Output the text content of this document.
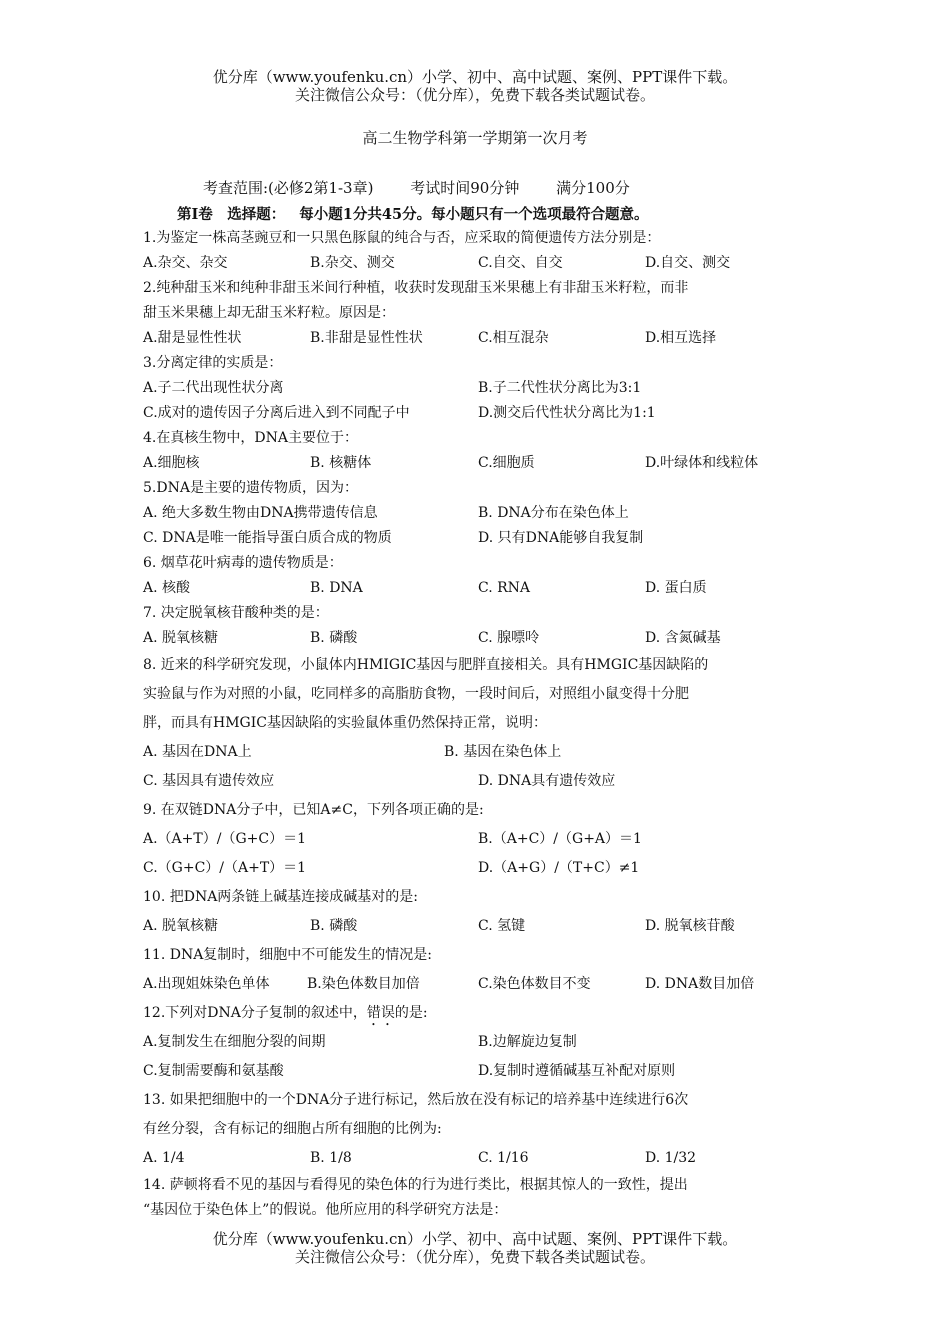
优分库（www.youfenku.cn）小学、初中、高中试题、案例、PPT课件下载。
关注微信公众号：（优分库），免费下载各类试题试卷。
高二生物学科第一学期第一次月考
考查范围:(必修2第1-3章) 考试时间90分钟 满分100分
第Ⅰ卷　选择题： 每小题1分共45分。每小题只有一个选项最符合题意。
1.为鉴定一株高茎豌豆和一只黑色豚鼠的纯合与否，应采取的简便遗传方法分别是：
A.杂交、杂交	B.杂交、测交	C.自交、自交	D.自交、测交
2.纯种甜玉米和纯种非甜玉米间行种植，收获时发现甜玉米果穗上有非甜玉米籽粒，而非
甜玉米果穗上却无甜玉米籽粒。原因是：
A.甜是显性性状	B.非甜是显性性状	C.相互混杂	D.相互选择
3.分离定律的实质是：
A.子二代出现性状分离	B.子二代性状分离比为3:1
C.成对的遗传因子分离后进入到不同配子中	D.测交后代性状分离比为1:1
4.在真核生物中，DNA主要位于：
A.细胞核	B. 核糖体	C.细胞质	D.叶绿体和线粒体
5.DNA是主要的遗传物质，因为：
A. 绝大多数生物由DNA携带遗传信息	B. DNA分布在染色体上
C. DNA是唯一能指导蛋白质合成的物质	D. 只有DNA能够自我复制
6. 烟草花叶病毒的遗传物质是：
A. 核酸	B. DNA	C. RNA	D. 蛋白质
7. 决定脱氧核苷酸种类的是：
A. 脱氧核糖	B. 磷酸	C. 腺嘌呤	D. 含氮碱基
8. 近来的科学研究发现，小鼠体内HMIGIC基因与肥胖直接相关。具有HMGIC基因缺陷的
实验鼠与作为对照的小鼠，吃同样多的高脂肪食物，一段时间后，对照组小鼠变得十分肥
胖，而具有HMGIC基因缺陷的实验鼠体重仍然保持正常，说明：
A. 基因在DNA上	B. 基因在染色体上
C. 基因具有遗传效应	D. DNA具有遗传效应
9. 在双链DNA分子中，已知A≠C，下列各项正确的是:
A.（A+T）/（G+C）＝1	B.（A+C）/（G+A）＝1
C.（G+C）/（A+T）＝1	D.（A+G）/（T+C）≠1
10. 把DNA两条链上碱基连接成碱基对的是:
A. 脱氧核糖	B. 磷酸	C. 氢键	D. 脱氧核苷酸
11. DNA复制时，细胞中不可能发生的情况是:
A.出现姐妹染色单体	B.染色体数目加倍	C.染色体数目不变	D. DNA数目加倍
12.下列对DNA分子复制的叙述中，错误的是:
A.复制发生在细胞分裂的间期	B.边解旋边复制
C.复制需要酶和氨基酸	D.复制时遵循碱基互补配对原则
13. 如果把细胞中的一个DNA分子进行标记，然后放在没有标记的培养基中连续进行6次
有丝分裂，含有标记的细胞占所有细胞的比例为:
A. 1/4	B. 1/8	C. 1/16	D. 1/32
14. 萨顿将看不见的基因与看得见的染色体的行为进行类比，根据其惊人的一致性，提出
“基因位于染色体上”的假说。他所应用的科学研究方法是：
优分库（www.youfenku.cn）小学、初中、高中试题、案例、PPT课件下载。
关注微信公众号：（优分库），免费下载各类试题试卷。
